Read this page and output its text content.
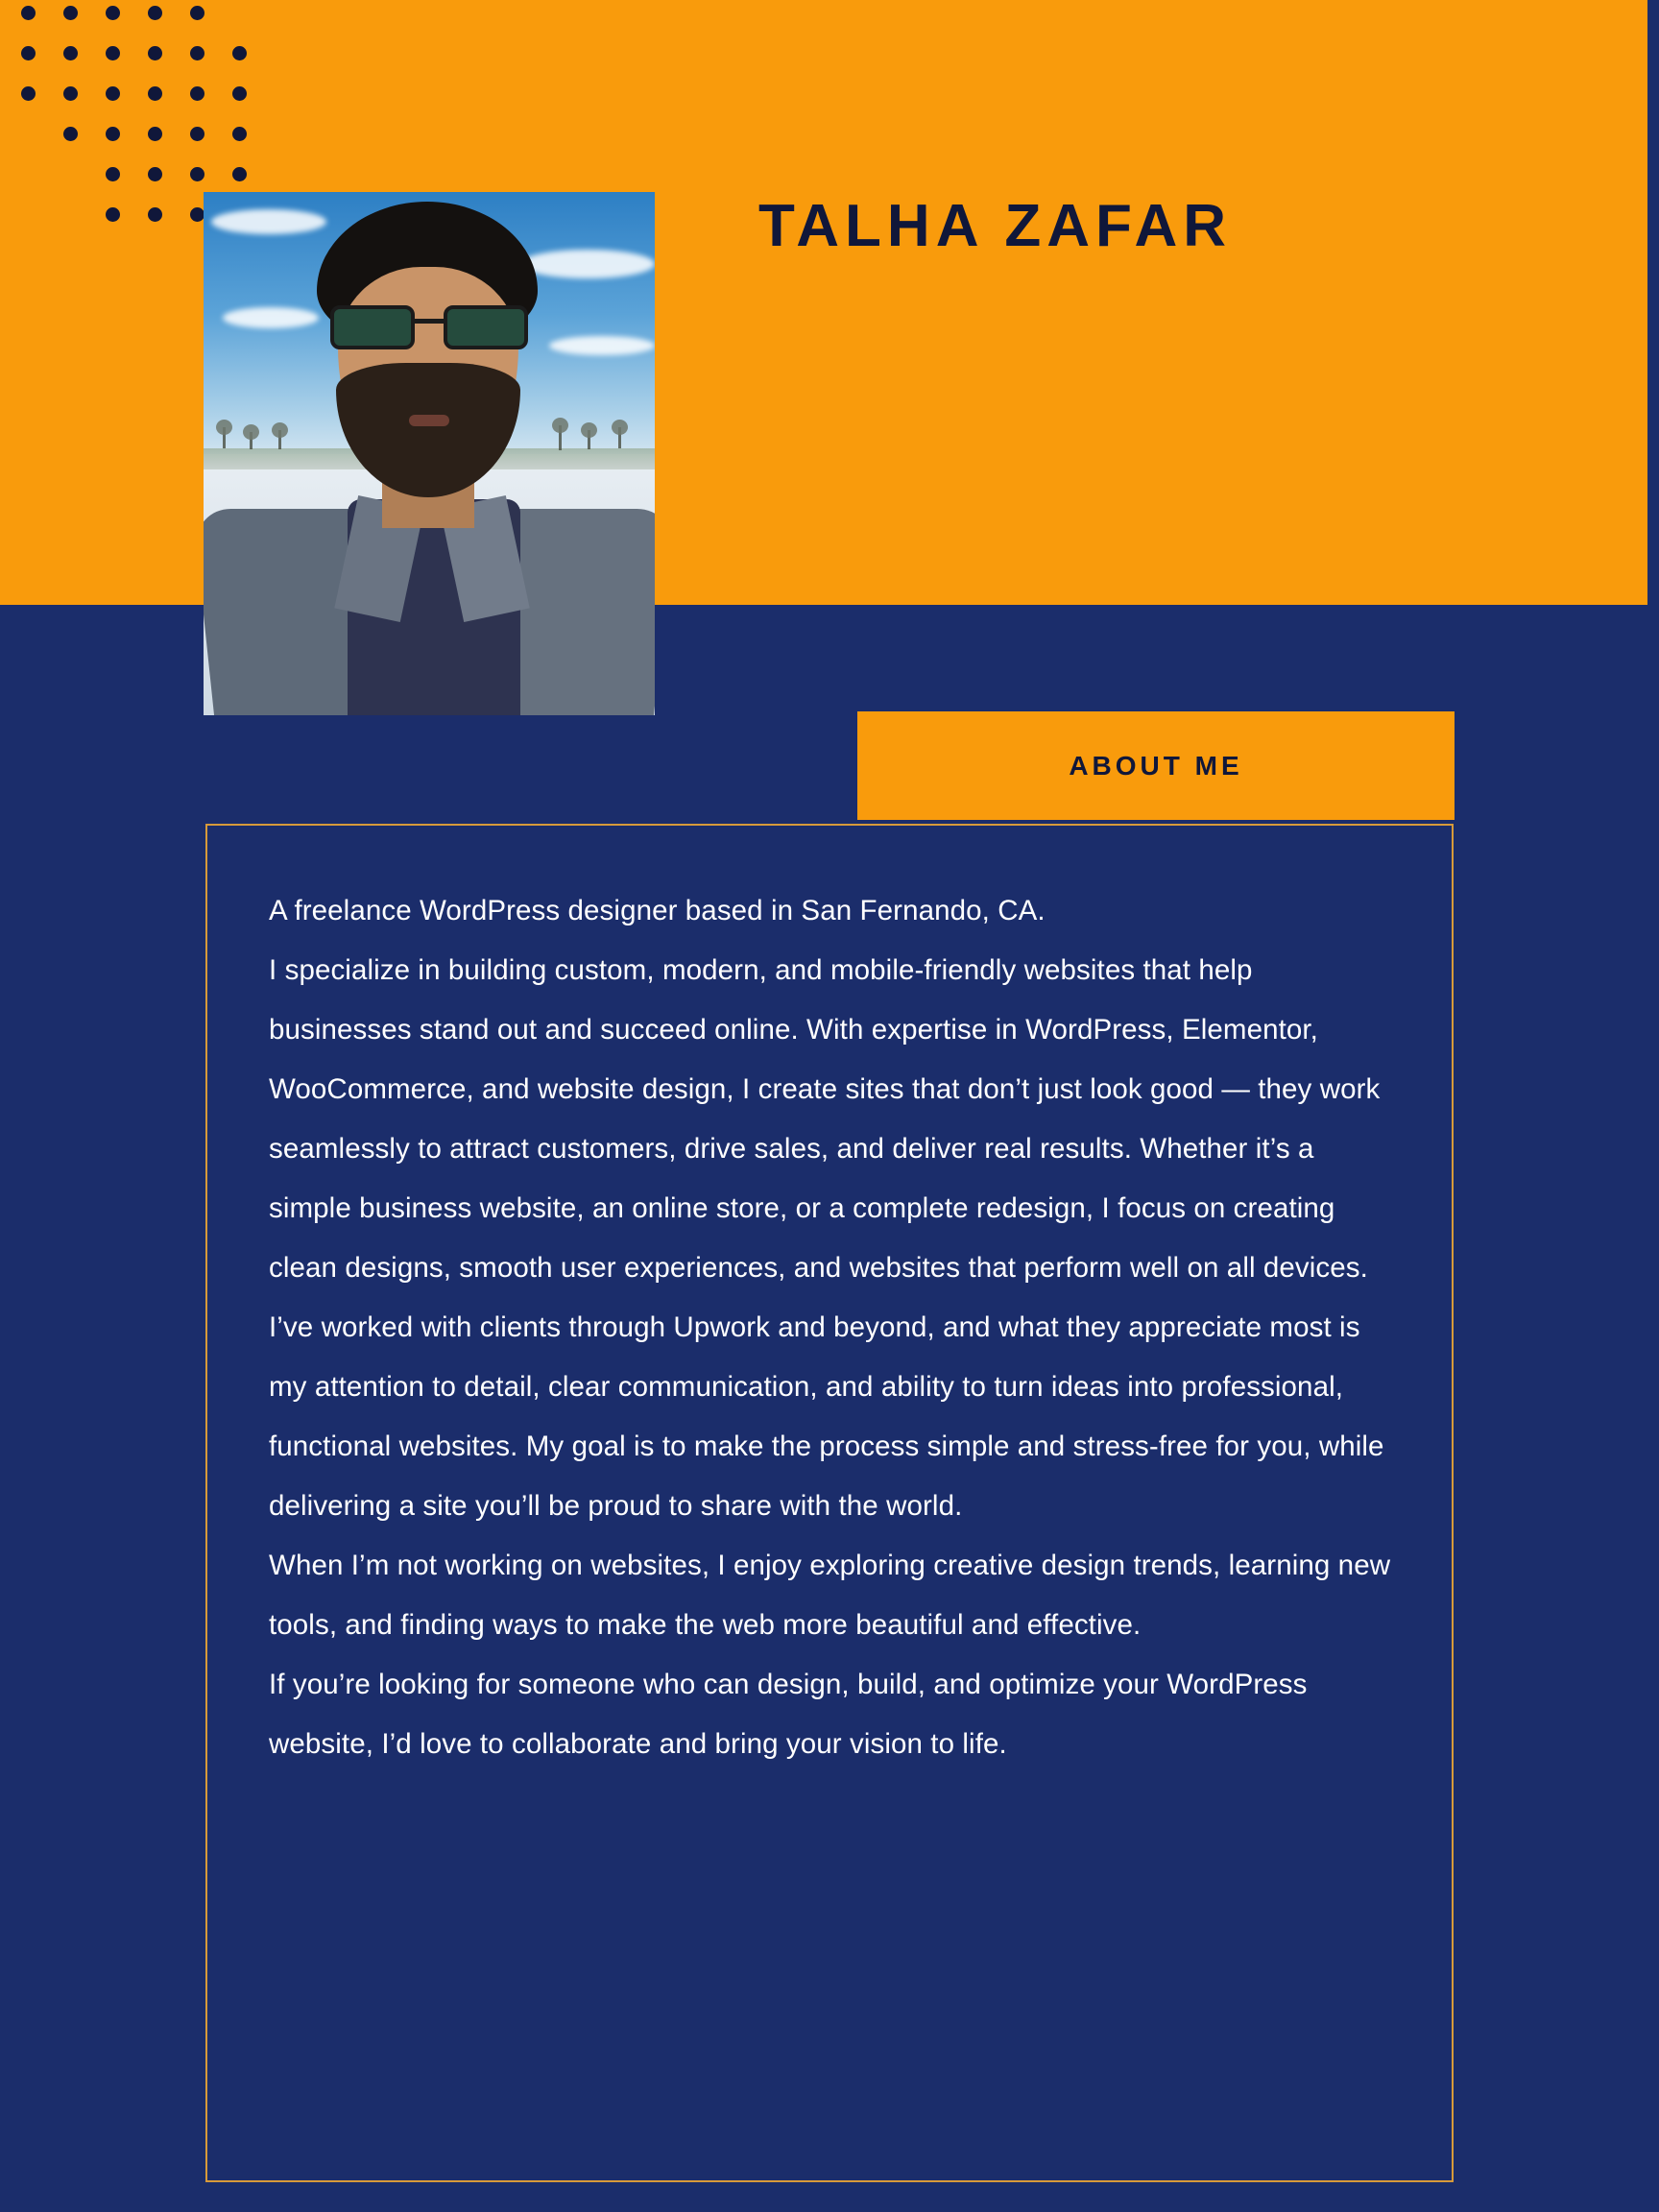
TALHA ZAFAR
ABOUT ME

A freelance WordPress designer based in San Fernando, CA.

I specialize in building custom, modern, and mobile-friendly websites that help businesses stand out and succeed online. With expertise in WordPress, Elementor, WooCommerce, and website design, I create sites that don’t just look good — they work seamlessly to attract customers, drive sales, and deliver real results. Whether it’s a simple business website, an online store, or a complete redesign, I focus on creating clean designs, smooth user experiences, and websites that perform well on all devices. I’ve worked with clients through Upwork and beyond, and what they appreciate most is my attention to detail, clear communication, and ability to turn ideas into professional, functional websites. My goal is to make the process simple and stress-free for you, while delivering a site you’ll be proud to share with the world.

When I’m not working on websites, I enjoy exploring creative design trends, learning new tools, and finding ways to make the web more beautiful and effective.

If you’re looking for someone who can design, build, and optimize your WordPress website, I’d love to collaborate and bring your vision to life.
